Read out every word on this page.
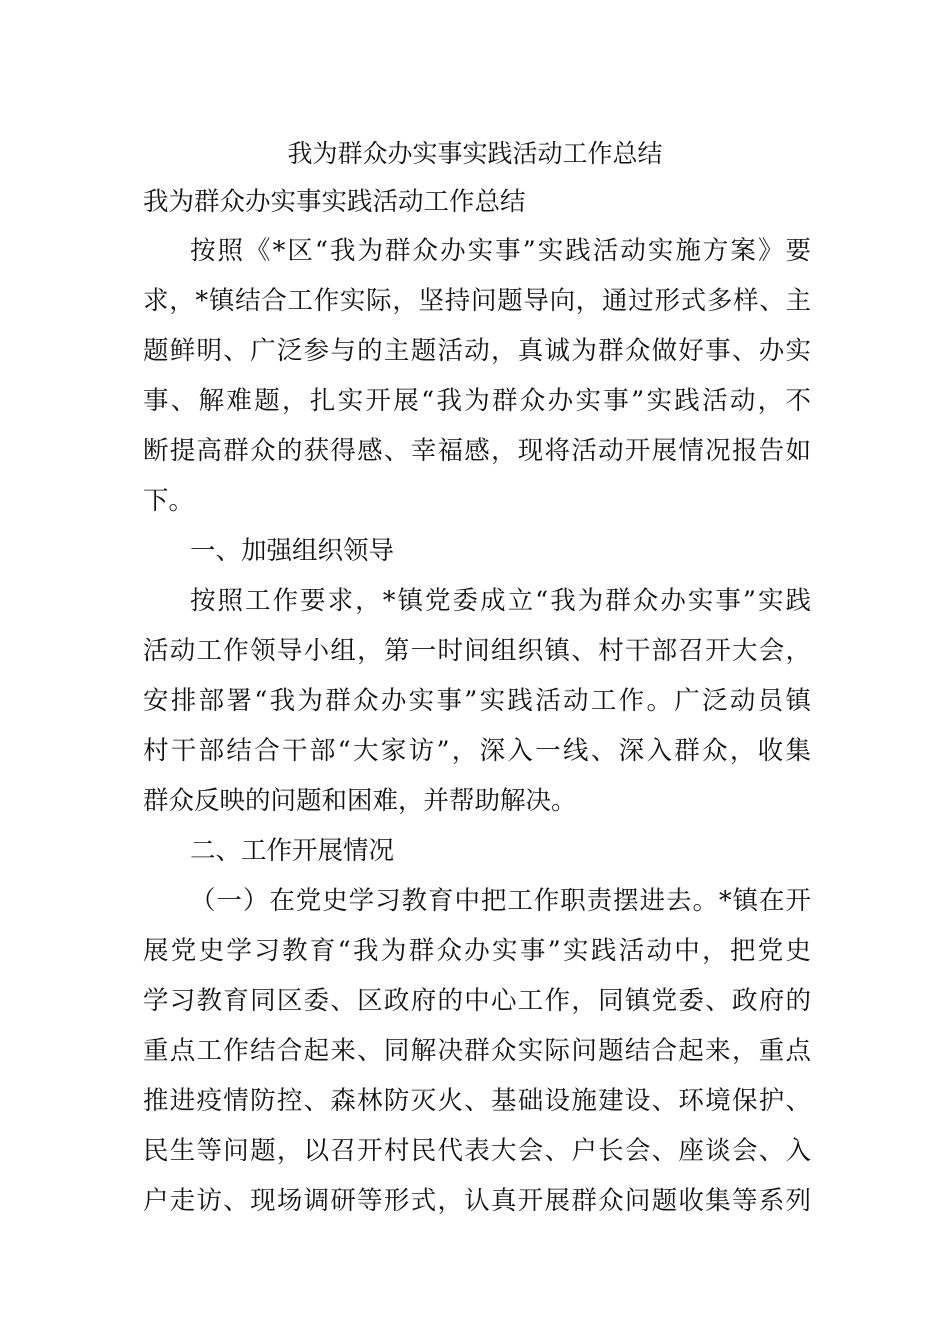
我为群众办实事实践活动工作总结
我为群众办实事实践活动工作总结
按照《*区“我为群众办实事”实践活动实施方案》要
求，*镇结合工作实际，坚持问题导向，通过形式多样、主
题鲜明、广泛参与的主题活动，真诚为群众做好事、办实
事、解难题，扎实开展“我为群众办实事”实践活动，不
断提高群众的获得感、幸福感，现将活动开展情况报告如
下。
一、加强组织领导
按照工作要求，*镇党委成立“我为群众办实事”实践
活动工作领导小组，第一时间组织镇、村干部召开大会，
安排部署“我为群众办实事”实践活动工作。广泛动员镇
村干部结合干部“大家访”，深入一线、深入群众，收集
群众反映的问题和困难，并帮助解决。
二、工作开展情况
（一）在党史学习教育中把工作职责摆进去。*镇在开
展党史学习教育“我为群众办实事”实践活动中，把党史
学习教育同区委、区政府的中心工作，同镇党委、政府的
重点工作结合起来、同解决群众实际问题结合起来，重点
推进疫情防控、森林防灭火、基础设施建设、环境保护、
民生等问题，以召开村民代表大会、户长会、座谈会、入
户走访、现场调研等形式，认真开展群众问题收集等系列
